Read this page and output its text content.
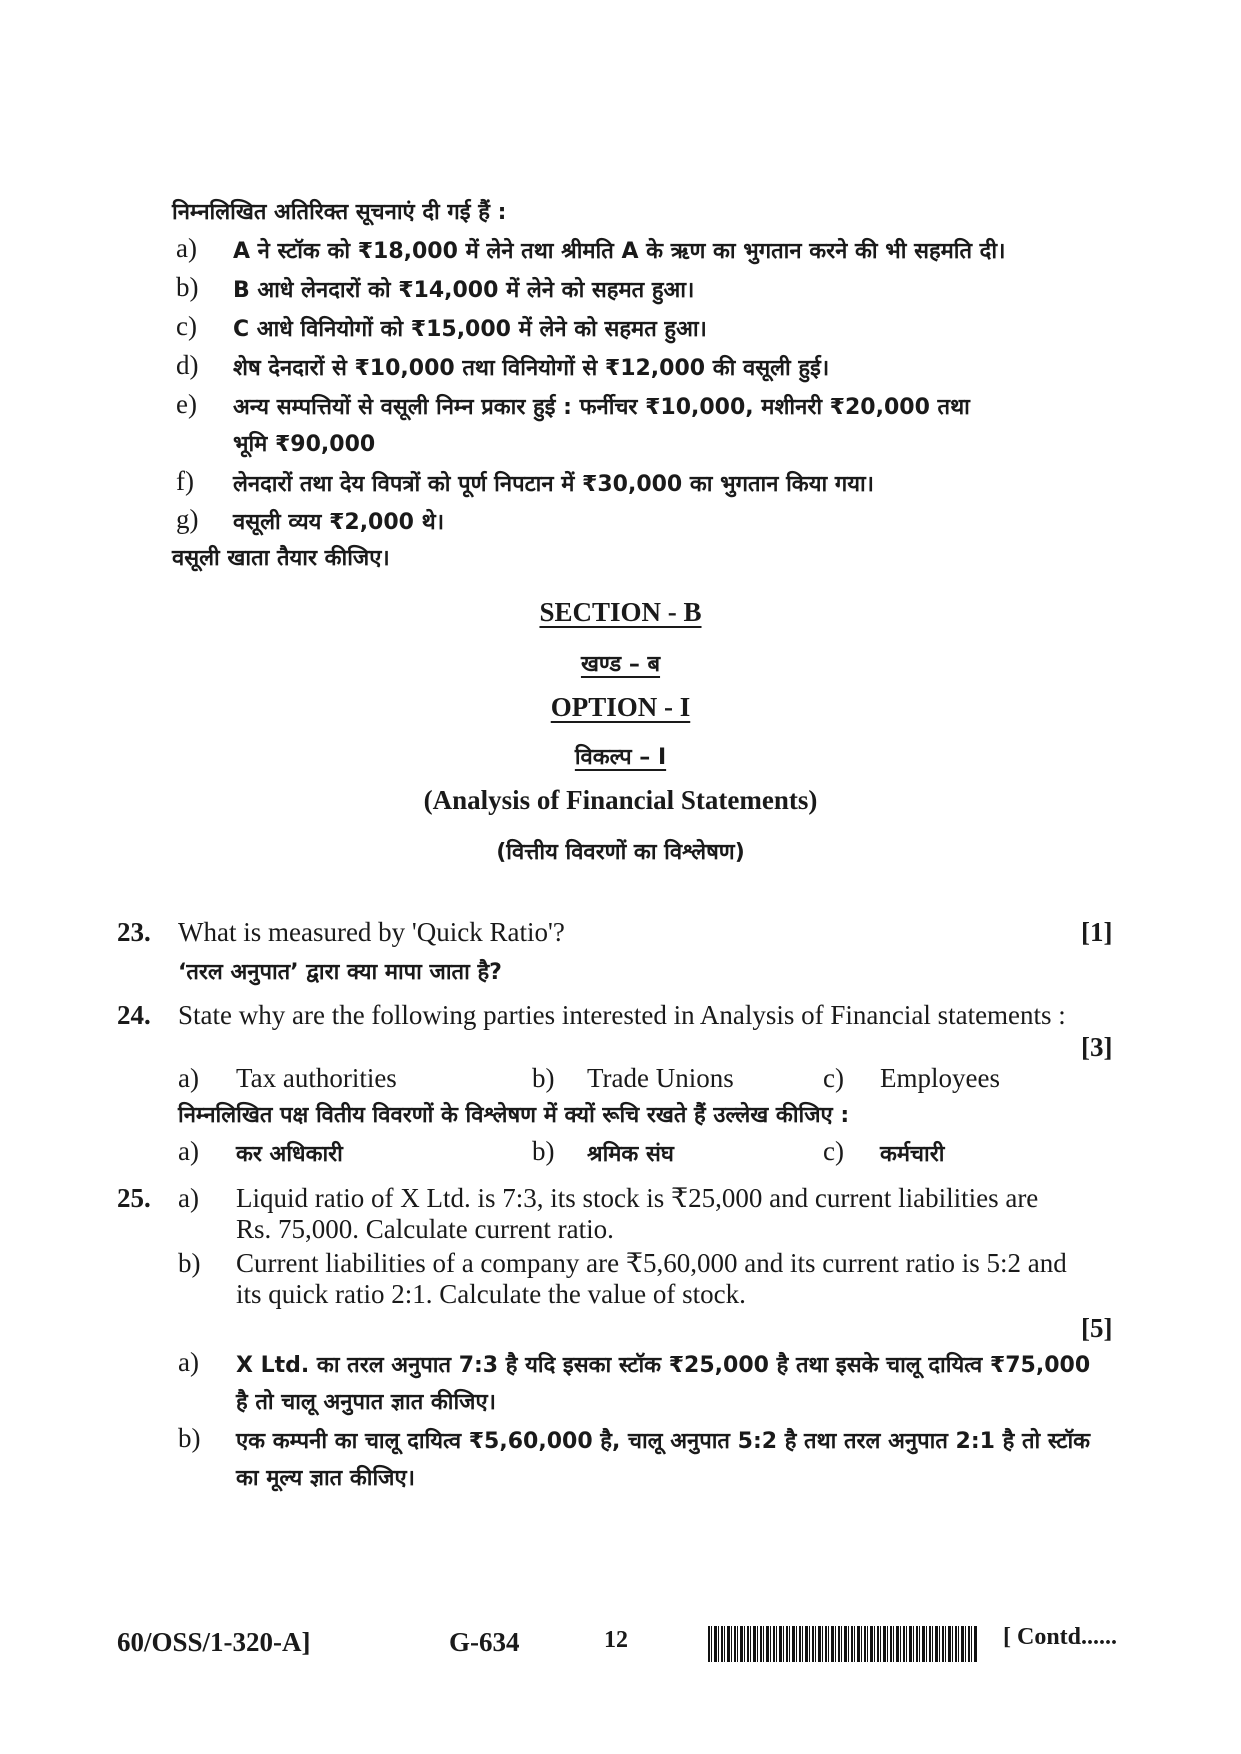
निम्नलिखित अतिरिक्त सूचनाएं दी गई हैं :
a) A ने स्टॉक को ₹18,000 में लेने तथा श्रीमति A के ऋण का भुगतान करने की भी सहमति दी।
b) B आधे लेनदारों को ₹14,000 में लेने को सहमत हुआ।
c) C आधे विनियोगों को ₹15,000 में लेने को सहमत हुआ।
d) शेष देनदारों से ₹10,000 तथा विनियोगों से ₹12,000 की वसूली हुई।
e) अन्य सम्पत्तियों से वसूली निम्न प्रकार हुई : फर्नीचर ₹10,000, मशीनरी ₹20,000 तथा
भूमि ₹90,000
f) लेनदारों तथा देय विपत्रों को पूर्ण निपटान में ₹30,000 का भुगतान किया गया।
g) वसूली व्यय ₹2,000 थे।
वसूली खाता तैयार कीजिए।
SECTION - B
खण्ड – ब
OPTION - I
विकल्प – I
(Analysis of Financial Statements)
(वित्तीय विवरणों का विश्लेषण)
23. What is measured by 'Quick Ratio'?	[1]
‘तरल अनुपात’ द्वारा क्या मापा जाता है?
24. State why are the following parties interested in Analysis of Financial statements :
[3]
a) Tax authorities	b) Trade Unions	c) Employees
निम्नलिखित पक्ष वितीय विवरणों के विश्लेषण में क्यों रूचि रखते हैं उल्लेख कीजिए :
a) कर अधिकारी	b) श्रमिक संघ	c) कर्मचारी
25. a) Liquid ratio of X Ltd. is 7:3, its stock is ₹25,000 and current liabilities are
Rs. 75,000. Calculate current ratio.
b) Current liabilities of a company are ₹5,60,000 and its current ratio is 5:2 and
its quick ratio 2:1. Calculate the value of stock.
[5]
a) X Ltd. का तरल अनुपात 7:3 है यदि इसका स्टॉक ₹25,000 है तथा इसके चालू दायित्व ₹75,000
है तो चालू अनुपात ज्ञात कीजिए।
b) एक कम्पनी का चालू दायित्व ₹5,60,000 है, चालू अनुपात 5:2 है तथा तरल अनुपात 2:1 है तो स्टॉक
का मूल्य ज्ञात कीजिए।
60/OSS/1-320-A]	G-634	12	[ Contd......
